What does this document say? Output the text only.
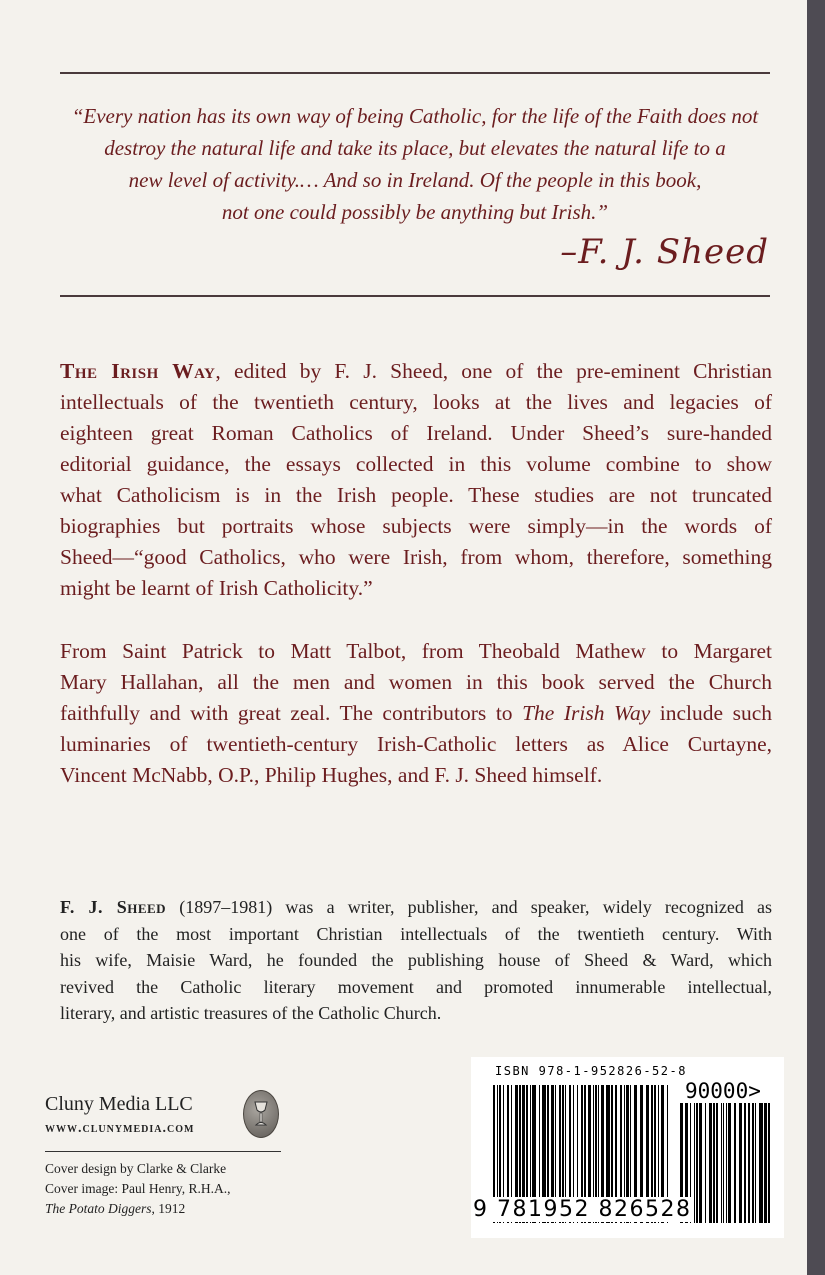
“Every nation has its own way of being Catholic, for the life of the Faith does not
destroy the natural life and take its place, but elevates the natural life to a
new level of activity.… And so in Ireland. Of the people in this book,
not one could possibly be anything but Irish.”
–F. J. Sheed
The Irish Way, edited by F. J. Sheed, one of the pre-eminent Christian
intellectuals of the twentieth century, looks at the lives and legacies of
eighteen great Roman Catholics of Ireland. Under Sheed’s sure-handed
editorial guidance, the essays collected in this volume combine to show
what Catholicism is in the Irish people. These studies are not truncated
biographies but portraits whose subjects were simply—in the words of
Sheed—“good Catholics, who were Irish, from whom, therefore, something
might be learnt of Irish Catholicity.”
From Saint Patrick to Matt Talbot, from Theobald Mathew to Margaret
Mary Hallahan, all the men and women in this book served the Church
faithfully and with great zeal. The contributors to The Irish Way include such
luminaries of twentieth-century Irish-Catholic letters as Alice Curtayne,
Vincent McNabb, O.P., Philip Hughes, and F. J. Sheed himself.
F. J. Sheed (1897–1981) was a writer, publisher, and speaker, widely recognized as
one of the most important Christian intellectuals of the twentieth century. With
his wife, Maisie Ward, he founded the publishing house of Sheed & Ward, which
revived the Catholic literary movement and promoted innumerable intellectual,
literary, and artistic treasures of the Catholic Church.
Cluny Media LLC
www.clunymedia.com
Cover design by Clarke & Clarke
Cover image: Paul Henry, R.H.A.,
The Potato Diggers, 1912
ISBN 978-1-952826-52-8
90000>
9 781952 826528
